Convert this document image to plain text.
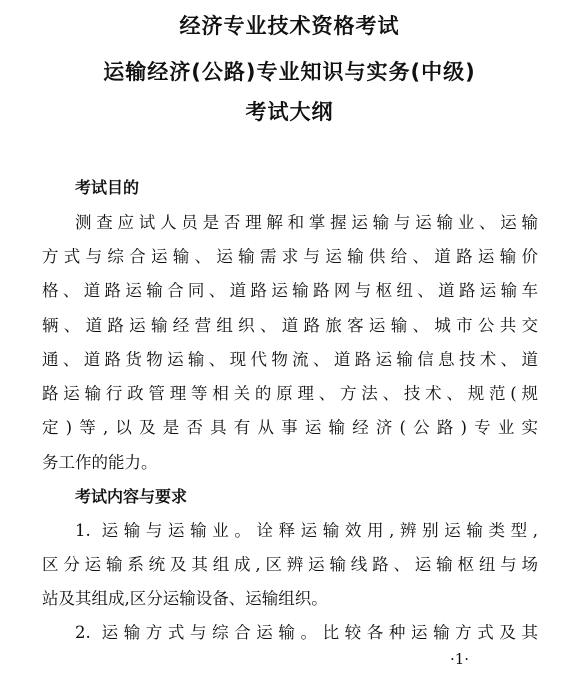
经济专业技术资格考试
运输经济(公路)专业知识与实务(中级)
考试大纲
考试目的
测查应试人员是否理解和掌握运输与运输业、运输
方式与综合运输、运输需求与运输供给、道路运输价
格、道路运输合同、道路运输路网与枢纽、道路运输车
辆、道路运输经营组织、道路旅客运输、城市公共交
通、道路货物运输、现代物流、道路运输信息技术、道
路运输行政管理等相关的原理、方法、技术、规范(规
定)等,以及是否具有从事运输经济(公路)专业实
务工作的能力。
考试内容与要求
1. 运输与运输业。诠释运输效用,辨别运输类型,
区分运输系统及其组成,区辨运输线路、运输枢纽与场
站及其组成,区分运输设备、运输组织。
2. 运输方式与综合运输。比较各种运输方式及其
·1·
